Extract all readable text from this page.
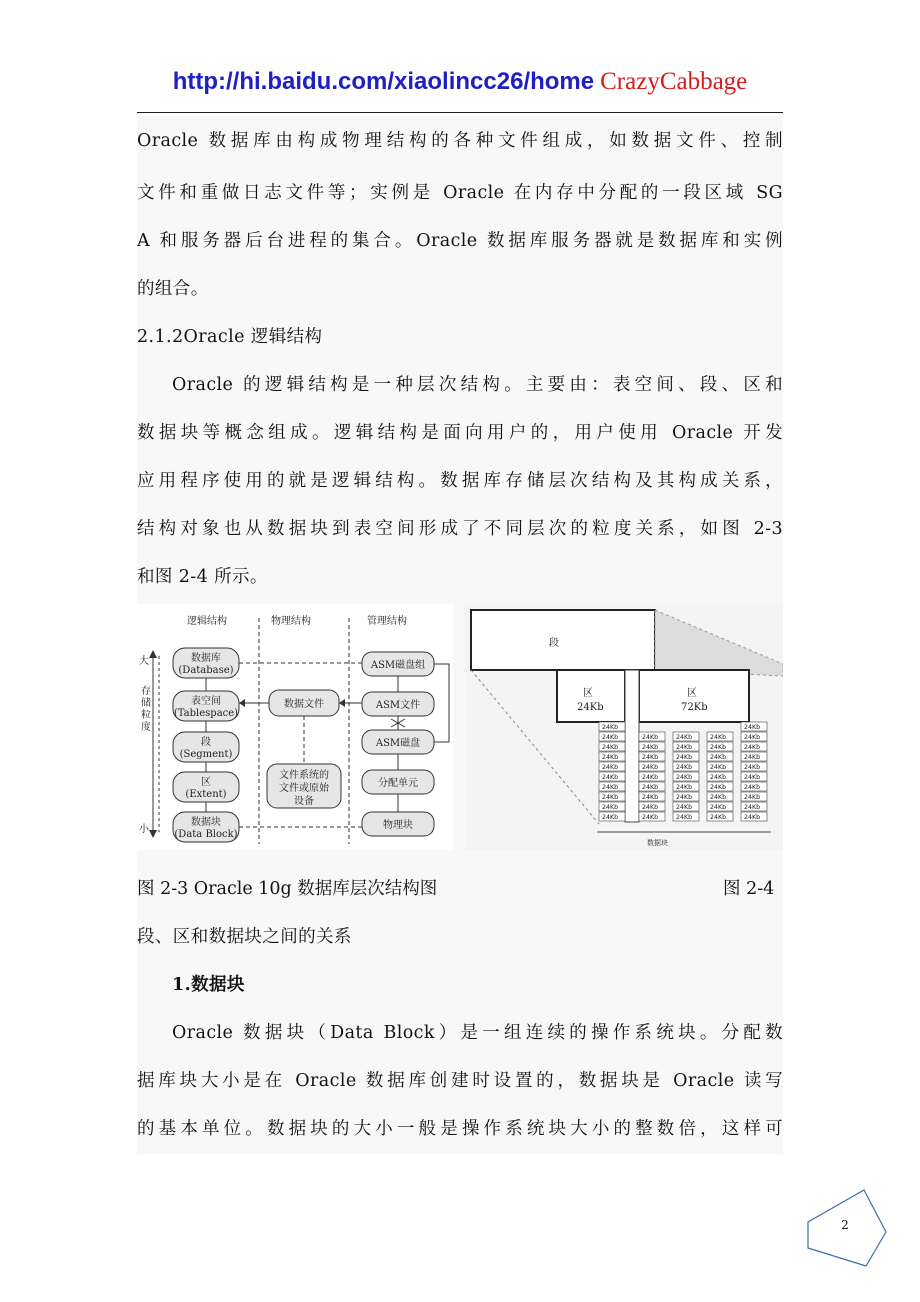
http://hi.baidu.com/xiaolincc26/home CrazyCabbage
Oracle 数据库由构成物理结构的各种文件组成，如数据文件、控制
文件和重做日志文件等；实例是 Oracle 在内存中分配的一段区域 SG
A 和服务器后台进程的集合。Oracle 数据库服务器就是数据库和实例
的组合。
2.1.2Oracle 逻辑结构
Oracle 的逻辑结构是一种层次结构。主要由：表空间、段、区和
数据块等概念组成。逻辑结构是面向用户的，用户使用 Oracle 开发
应用程序使用的就是逻辑结构。数据库存储层次结构及其构成关系，
结构对象也从数据块到表空间形成了不同层次的粒度关系，如图 2-3
和图 2-4 所示。
逻辑结构	物理结构	管理结构
大
小
存
储
粒
度
数据库
(Database)
表空间
(Tablespace)
段
(Segment)
区
(Extent)
数据块
(Data Block)
数据文件
文件系统的
文件或原始
设备
ASM磁盘组
ASM文件
ASM磁盘
分配单元
物理块
段
区
24Kb
区
72Kb
24Kb	24Kb
24Kb	24Kb	24Kb	24Kb	24Kb
24Kb	24Kb	24Kb	24Kb	24Kb
24Kb	24Kb	24Kb	24Kb	24Kb
24Kb	24Kb	24Kb	24Kb	24Kb
24Kb	24Kb	24Kb	24Kb	24Kb
24Kb	24Kb	24Kb	24Kb	24Kb
24Kb	24Kb	24Kb	24Kb	24Kb
24Kb	24Kb	24Kb	24Kb	24Kb
24Kb	24Kb	24Kb	24Kb	24Kb
数据块
图 2-3 Oracle 10g 数据库层次结构图	图 2-4
段、区和数据块之间的关系
1.数据块
Oracle 数据块（Data Block）是一组连续的操作系统块。分配数
据库块大小是在 Oracle 数据库创建时设置的，数据块是 Oracle 读写
的基本单位。数据块的大小一般是操作系统块大小的整数倍，这样可
2
